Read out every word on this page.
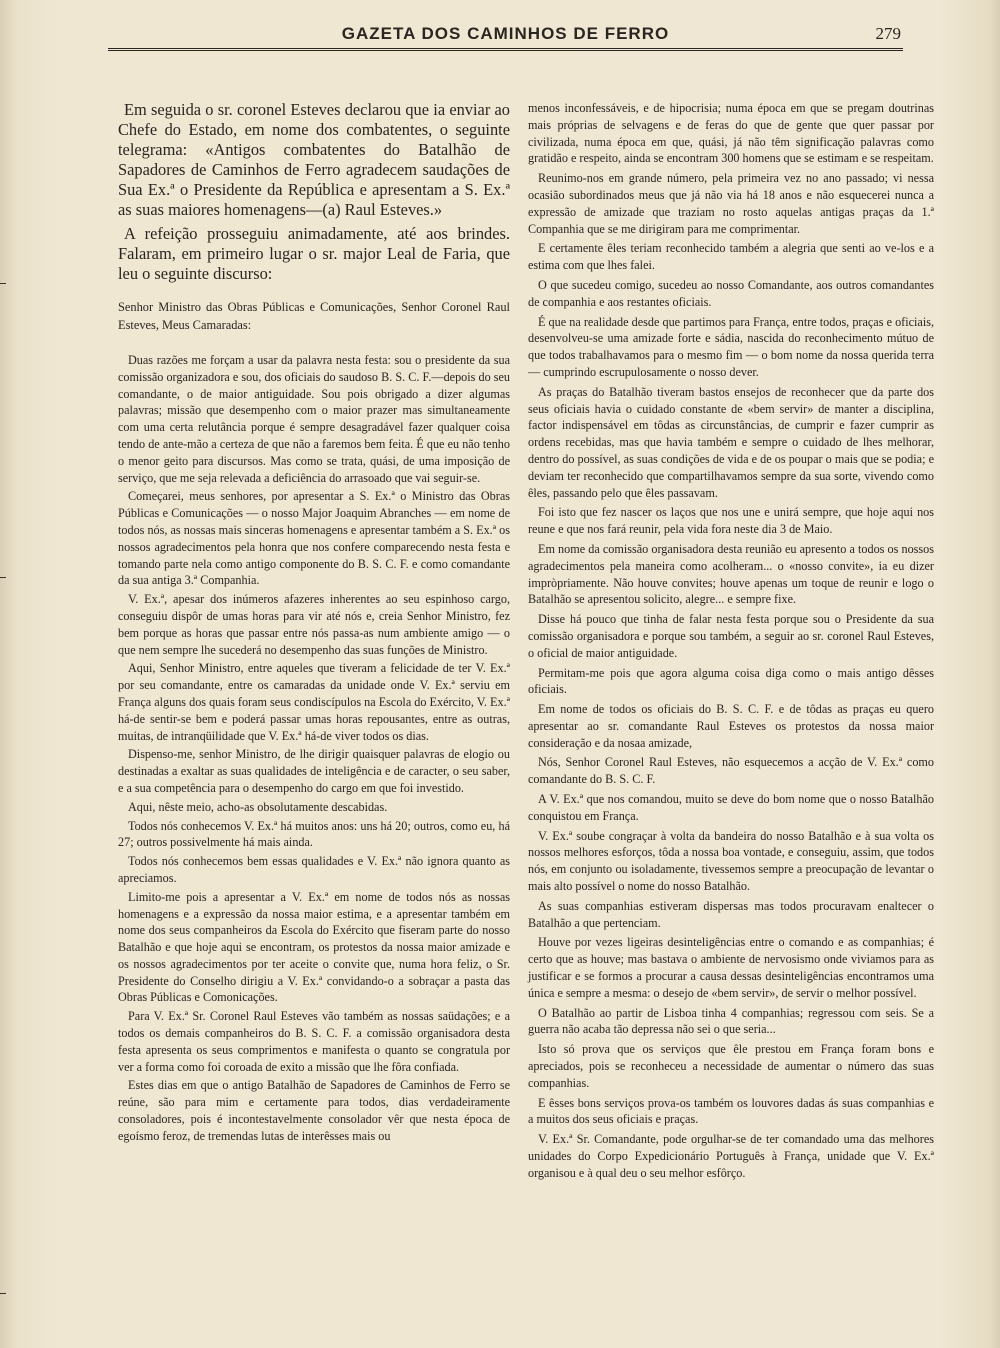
GAZETA DOS CAMINHOS DE FERRO	279

Em seguida o sr. coronel Esteves declarou que ia enviar ao Chefe do Estado, em nome dos combatentes, o seguinte telegrama: «Antigos combatentes do Batalhão de Sapadores de Caminhos de Ferro agradecem saudações de Sua Ex.ª o Presidente da República e apresentam a S. Ex.ª as suas maiores homenagens—(a) Raul Esteves.»

A refeição prosseguiu animadamente, até aos brindes. Falaram, em primeiro lugar o sr. major Leal de Faria, que leu o seguinte discurso:

Senhor Ministro das Obras Públicas e Comunicações, Senhor Coronel Raul Esteves, Meus Camaradas:

Duas razões me forçam a usar da palavra nesta festa: sou o presidente da sua comissão organizadora e sou, dos oficiais do saudoso B. S. C. F.—depois do seu comandante, o de maior antiguidade. Sou pois obrigado a dizer algumas palavras; missão que desempenho com o maior prazer mas simultaneamente com uma certa relutância porque é sempre desagradável fazer qualquer coisa tendo de ante-mão a certeza de que não a faremos bem feita. É que eu não tenho o menor geito para discursos. Mas como se trata, quási, de uma imposição de serviço, que me seja relevada a deficiência do arrasoado que vai seguir-se.

Começarei, meus senhores, por apresentar a S. Ex.ª o Ministro das Obras Públicas e Comunicações — o nosso Major Joaquim Abranches — em nome de todos nós, as nossas mais sinceras homenagens e apresentar também a S. Ex.ª os nossos agradecimentos pela honra que nos confere comparecendo nesta festa e tomando parte nela como antigo componente do B. S. C. F. e como comandante da sua antiga 3.ª Companhia.

V. Ex.ª, apesar dos inúmeros afazeres inherentes ao seu espinhoso cargo, conseguiu dispôr de umas horas para vir até nós e, creia Senhor Ministro, fez bem porque as horas que passar entre nós passa-as num ambiente amigo — o que nem sempre lhe sucederá no desempenho das suas funções de Ministro.

Aqui, Senhor Ministro, entre aqueles que tiveram a felicidade de ter V. Ex.ª por seu comandante, entre os camaradas da unidade onde V. Ex.ª serviu em França alguns dos quais foram seus condiscípulos na Escola do Exército, V. Ex.ª há-de sentir-se bem e poderá passar umas horas repousantes, entre as outras, muitas, de intranqüilidade que V. Ex.ª há-de viver todos os dias.

Dispenso-me, senhor Ministro, de lhe dirigir quaisquer palavras de elogio ou destinadas a exaltar as suas qualidades de inteligência e de caracter, o seu saber, e a sua competência para o desempenho do cargo em que foi investido.

Aqui, nêste meio, acho-as obsolutamente descabidas.

Todos nós conhecemos V. Ex.ª há muitos anos: uns há 20; outros, como eu, há 27; outros possivelmente há mais ainda.

Todos nós conhecemos bem essas qualidades e V. Ex.ª não ignora quanto as apreciamos.

Limito-me pois a apresentar a V. Ex.ª em nome de todos nós as nossas homenagens e a expressão da nossa maior estima, e a apresentar também em nome dos seus companheiros da Escola do Exército que fiseram parte do nosso Batalhão e que hoje aqui se encontram, os protestos da nossa maior amizade e os nossos agradecimentos por ter aceite o convite que, numa hora feliz, o Sr. Presidente do Conselho dirigiu a V. Ex.ª convidando-o a sobraçar a pasta das Obras Públicas e Comonicações.

Para V. Ex.ª Sr. Coronel Raul Esteves vão também as nossas saüdações; e a todos os demais companheiros do B. S. C. F. a comissão organisadora desta festa apresenta os seus comprimentos e manifesta o quanto se congratula por ver a forma como foi coroada de exito a missão que lhe fôra confiada.

Estes dias em que o antigo Batalhão de Sapadores de Caminhos de Ferro se reúne, são para mim e certamente para todos, dias verdadeiramente consoladores, pois é incontestavelmente consolador vêr que nesta época de egoísmo feroz, de tremendas lutas de interêsses mais ou

menos inconfessáveis, e de hipocrisia; numa época em que se pregam doutrinas mais próprias de selvagens e de feras do que de gente que quer passar por civilizada, numa época em que, quási, já não têm significação palavras como gratidão e respeito, ainda se encontram 300 homens que se estimam e se respeitam.

Reunimo-nos em grande número, pela primeira vez no ano passado; vi nessa ocasião subordinados meus que já não via há 18 anos e não esquecerei nunca a expressão de amizade que traziam no rosto aquelas antigas praças da 1.ª Companhia que se me dirigiram para me comprimentar.

E certamente êles teriam reconhecido também a alegria que senti ao ve-los e a estima com que lhes falei.

O que sucedeu comigo, sucedeu ao nosso Comandante, aos outros comandantes de companhia e aos restantes oficiais.

É que na realidade desde que partimos para França, entre todos, praças e oficiais, desenvolveu-se uma amizade forte e sádia, nascida do reconhecimento mútuo de que todos trabalhavamos para o mesmo fim — o bom nome da nossa querida terra — cumprindo escrupulosamente o nosso dever.

As praças do Batalhão tiveram bastos ensejos de reconhecer que da parte dos seus oficiais havia o cuidado constante de «bem servir» de manter a disciplina, factor indispensável em tôdas as circunstâncias, de cumprir e fazer cumprir as ordens recebidas, mas que havia também e sempre o cuidado de lhes melhorar, dentro do possível, as suas condições de vida e de os poupar o mais que se podia; e deviam ter reconhecido que compartilhavamos sempre da sua sorte, vivendo como êles, passando pelo que êles passavam.

Foi isto que fez nascer os laços que nos une e unirá sempre, que hoje aqui nos reune e que nos fará reunir, pela vida fora neste dia 3 de Maio.

Em nome da comissão organisadora desta reunião eu apresento a todos os nossos agradecimentos pela maneira como acolheram... o «nosso convite», ia eu dizer impròpriamente. Não houve convites; houve apenas um toque de reunir e logo o Batalhão se apresentou solicito, alegre... e sempre fixe.

Disse há pouco que tinha de falar nesta festa porque sou o Presidente da sua comissão organisadora e porque sou também, a seguir ao sr. coronel Raul Esteves, o oficial de maior antiguidade.

Permitam-me pois que agora alguma coisa diga como o mais antigo dêsses oficiais.

Em nome de todos os oficiais do B. S. C. F. e de tôdas as praças eu quero apresentar ao sr. comandante Raul Esteves os protestos da nossa maior consideração e da nosaa amizade,

Nós, Senhor Coronel Raul Esteves, não esquecemos a acção de V. Ex.ª como comandante do B. S. C. F.

A V. Ex.ª que nos comandou, muito se deve do bom nome que o nosso Batalhão conquistou em França.

V. Ex.ª soube congraçar à volta da bandeira do nosso Batalhão e à sua volta os nossos melhores esforços, tôda a nossa boa vontade, e conseguiu, assim, que todos nós, em conjunto ou isoladamente, tivessemos sempre a preocupação de levantar o mais alto possível o nome do nosso Batalhão.

As suas companhias estiveram dispersas mas todos procuravam enaltecer o Batalhão a que pertenciam.

Houve por vezes ligeiras desinteligências entre o comando e as companhias; é certo que as houve; mas bastava o ambiente de nervosismo onde viviamos para as justificar e se formos a procurar a causa dessas desinteligências encontramos uma única e sempre a mesma: o desejo de «bem servir», de servir o melhor possível.

O Batalhão ao partir de Lisboa tinha 4 companhias; regressou com seis. Se a guerra não acaba tão depressa não sei o que seria...

Isto só prova que os serviços que êle prestou em França foram bons e apreciados, pois se reconheceu a necessidade de aumentar o número das suas companhias.

E êsses bons serviços prova-os também os louvores dadas ás suas companhias e a muitos dos seus oficiais e praças.

V. Ex.ª Sr. Comandante, pode orgulhar-se de ter comandado uma das melhores unidades do Corpo Expedicionário Português à França, unidade que V. Ex.ª organisou e à qual deu o seu melhor esfôrço.
